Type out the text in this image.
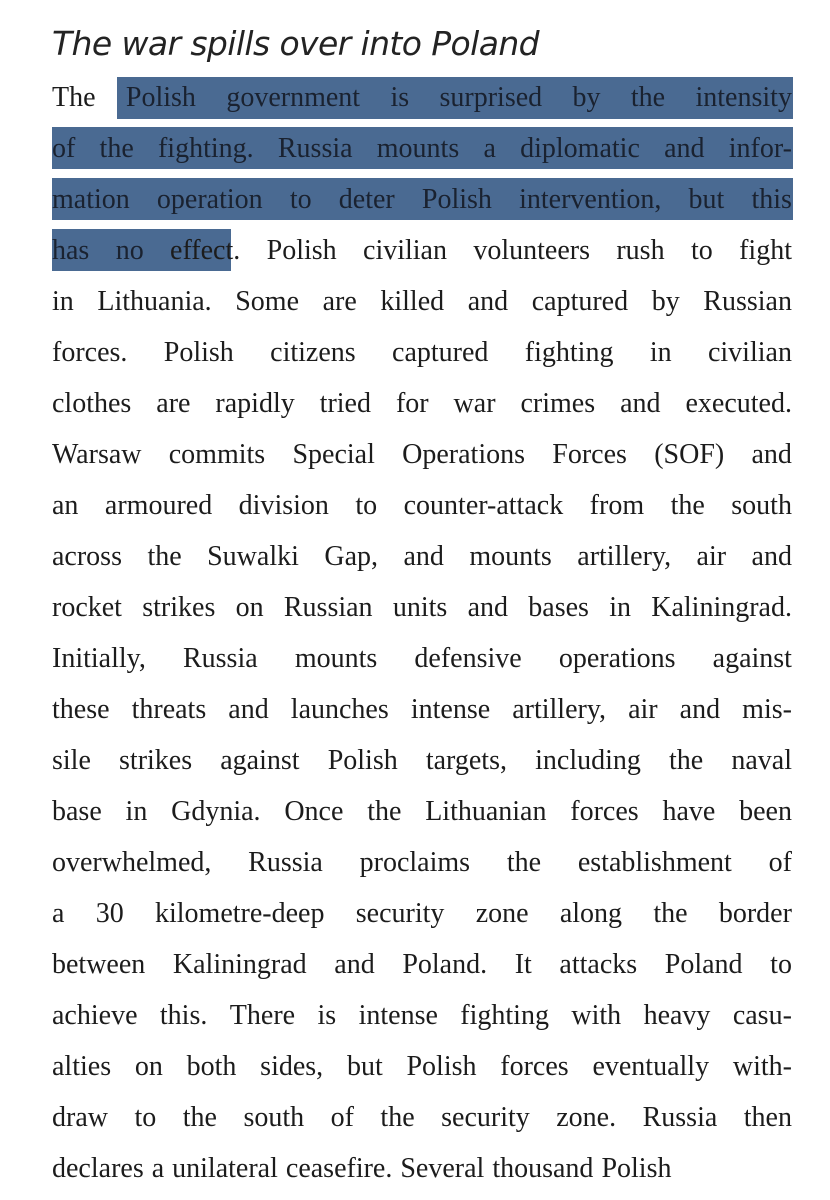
The war spills over into Poland
The Polish government is surprised by the intensity
of the fighting. Russia mounts a diplomatic and infor-
mation operation to deter Polish intervention, but this
has no effect. Polish civilian volunteers rush to fight
in Lithuania. Some are killed and captured by Russian
forces. Polish citizens captured fighting in civilian
clothes are rapidly tried for war crimes and executed.
Warsaw commits Special Operations Forces (SOF) and
an armoured division to counter-attack from the south
across the Suwalki Gap, and mounts artillery, air and
rocket strikes on Russian units and bases in Kaliningrad.
Initially, Russia mounts defensive operations against
these threats and launches intense artillery, air and mis-
sile strikes against Polish targets, including the naval
base in Gdynia. Once the Lithuanian forces have been
overwhelmed, Russia proclaims the establishment of
a 30 kilometre-deep security zone along the border
between Kaliningrad and Poland. It attacks Poland to
achieve this. There is intense fighting with heavy casu-
alties on both sides, but Polish forces eventually with-
draw to the south of the security zone. Russia then
declares a unilateral ceasefire. Several thousand Polish
